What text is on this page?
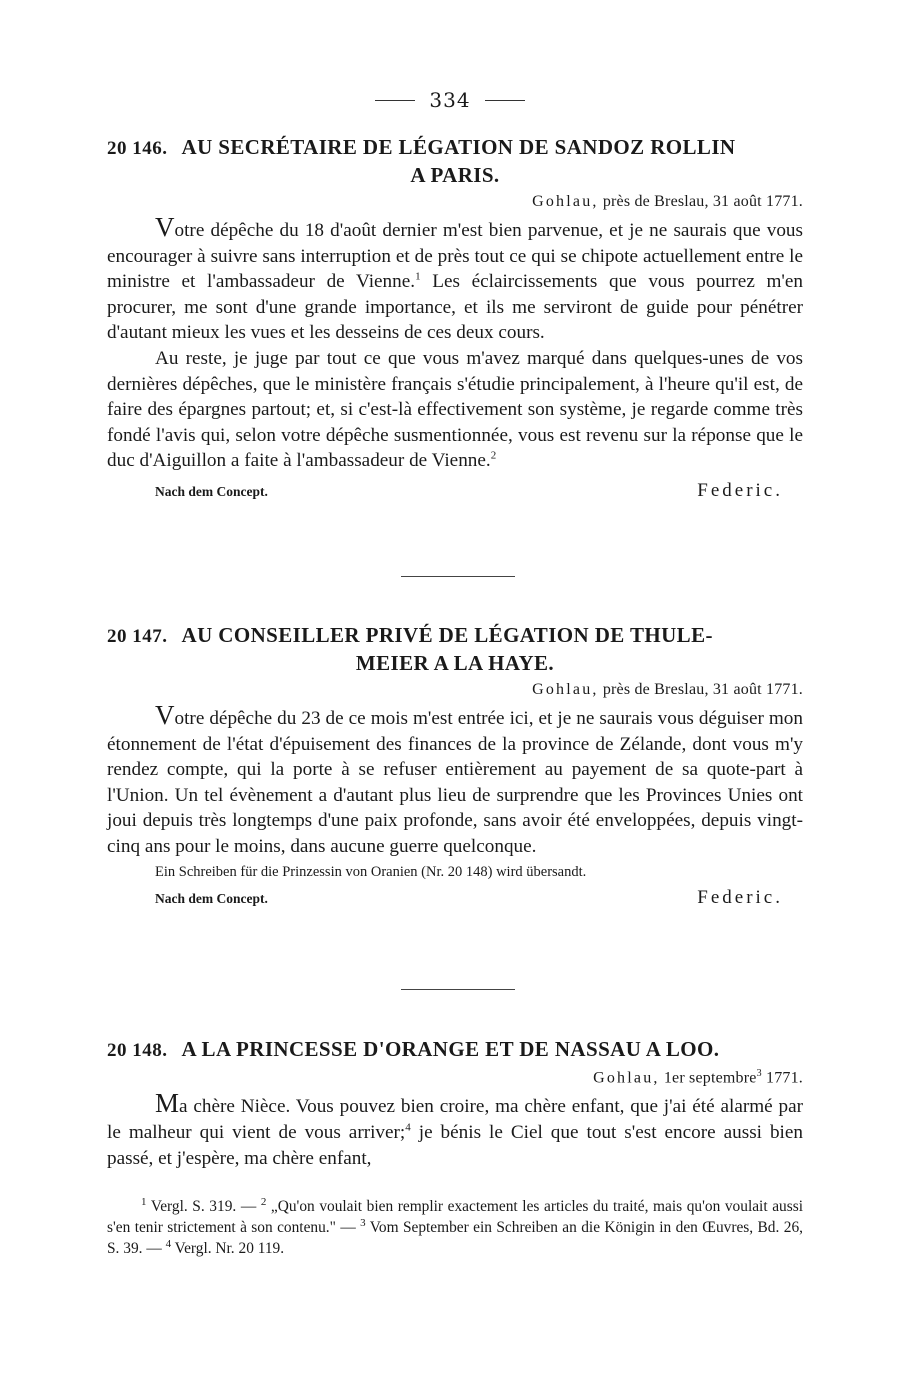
334
20 146. AU SECRÉTAIRE DE LÉGATION DE SANDOZ ROLLIN
A PARIS.
Gohlau, près de Breslau, 31 août 1771.

Votre dépêche du 18 d'août dernier m'est bien parvenue, et je ne saurais que vous encourager à suivre sans interruption et de près tout ce qui se chipote actuellement entre le ministre et l'ambassadeur de Vienne.$^1$ Les éclaircissements que vous pourrez m'en procurer, me sont d'une grande importance, et ils me serviront de guide pour pénétrer d'autant mieux les vues et les desseins de ces deux cours.

Au reste, je juge par tout ce que vous m'avez marqué dans quelques-unes de vos dernières dépêches, que le ministère français s'étudie principalement, à l'heure qu'il est, de faire des épargnes partout; et, si c'est-là effectivement son système, je regarde comme très fondé l'avis qui, selon votre dépêche susmentionnée, vous est revenu sur la réponse que le duc d'Aiguillon a faite à l'ambassadeur de Vienne.$^2$

Nach dem Concept.	Federic.
20 147. AU CONSEILLER PRIVÉ DE LÉGATION DE THULE-
MEIER A LA HAYE.
Gohlau, près de Breslau, 31 août 1771.

Votre dépêche du 23 de ce mois m'est entrée ici, et je ne saurais vous déguiser mon étonnement de l'état d'épuisement des finances de la province de Zélande, dont vous m'y rendez compte, qui la porte à se refuser entièrement au payement de sa quote-part à l'Union. Un tel évènement a d'autant plus lieu de surprendre que les Provinces Unies ont joui depuis très longtemps d'une paix profonde, sans avoir été enveloppées, depuis vingt-cinq ans pour le moins, dans aucune guerre quelconque.

Ein Schreiben für die Prinzessin von Oranien (Nr. 20 148) wird übersandt.

Nach dem Concept.	Federic.
20 148. A LA PRINCESSE D'ORANGE ET DE NASSAU A LOO.
Gohlau, 1er septembre$^3$ 1771.

Ma chère Nièce. Vous pouvez bien croire, ma chère enfant, que j'ai été alarmé par le malheur qui vient de vous arriver;$^4$ je bénis le Ciel que tout s'est encore aussi bien passé, et j'espère, ma chère enfant,

$^1$ Vergl. S. 319. — $^2$ „Qu'on voulait bien remplir exactement les articles du traité, mais qu'on voulait aussi s'en tenir strictement à son contenu." — $^3$ Vom September ein Schreiben an die Königin in den Œuvres, Bd. 26, S. 39. — $^4$ Vergl. Nr. 20 119.
